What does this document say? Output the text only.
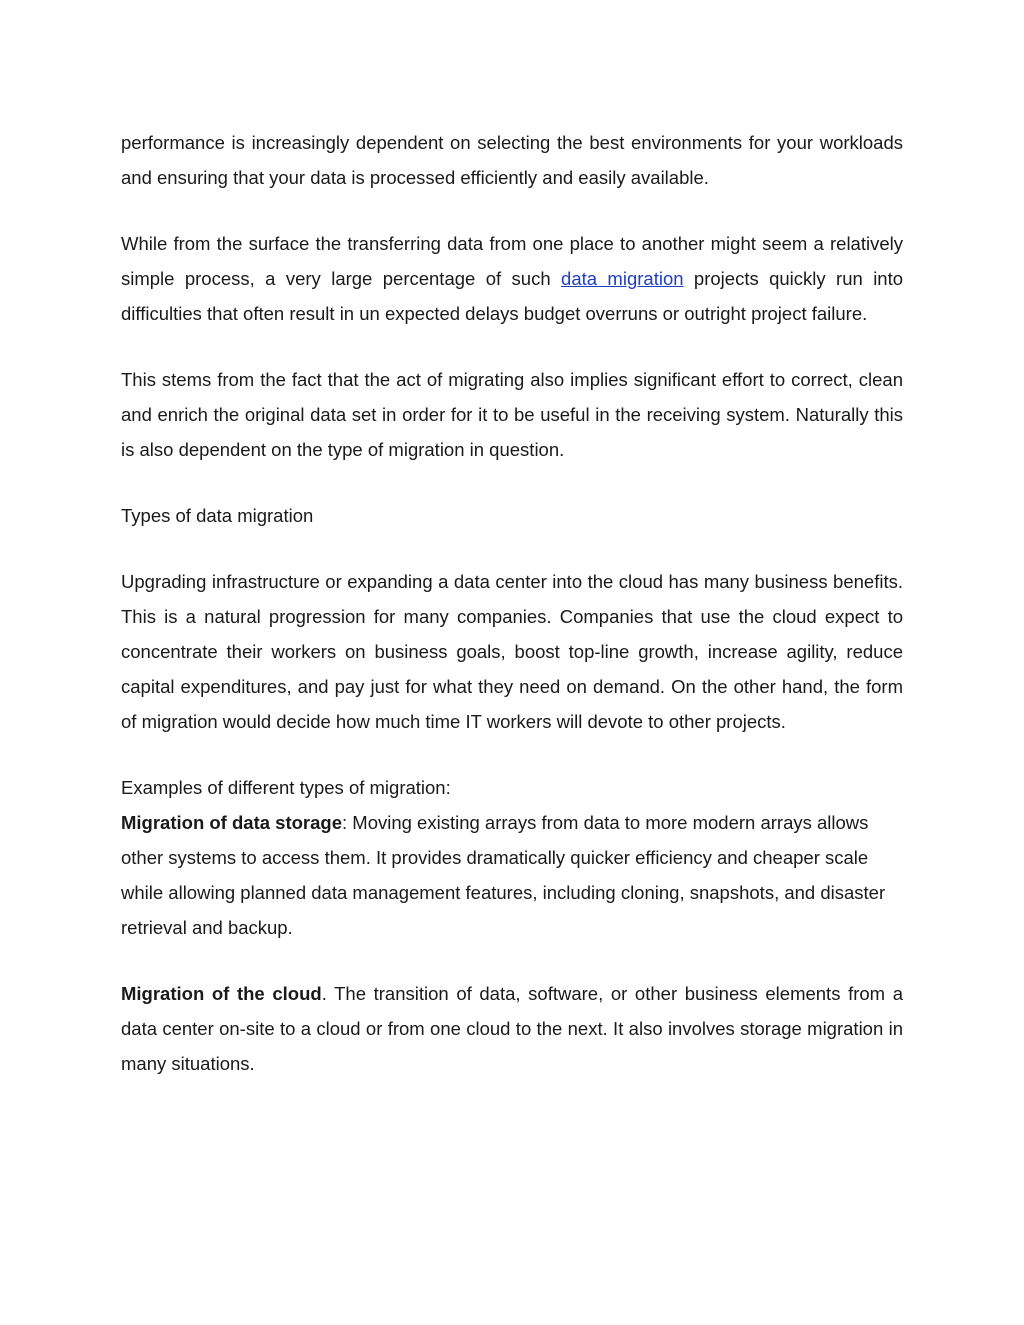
performance is increasingly dependent on selecting the best environments for your workloads and ensuring that your data is processed efficiently and easily available.

While from the surface the transferring data from one place to another might seem a relatively simple process, a very large percentage of such data migration projects quickly run into difficulties that often result in un expected delays budget overruns or outright project failure.

This stems from the fact that the act of migrating also implies significant effort to correct, clean and enrich the original data set in order for it to be useful in the receiving system. Naturally this is also dependent on the type of migration in question.

Types of data migration

Upgrading infrastructure or expanding a data center into the cloud has many business benefits. This is a natural progression for many companies. Companies that use the cloud expect to concentrate their workers on business goals, boost top-line growth, increase agility, reduce capital expenditures, and pay just for what they need on demand. On the other hand, the form of migration would decide how much time IT workers will devote to other projects.

Examples of different types of migration:

Migration of data storage: Moving existing arrays from data to more modern arrays allows other systems to access them. It provides dramatically quicker efficiency and cheaper scale while allowing planned data management features, including cloning, snapshots, and disaster retrieval and backup.

Migration of the cloud. The transition of data, software, or other business elements from a data center on-site to a cloud or from one cloud to the next. It also involves storage migration in many situations.
